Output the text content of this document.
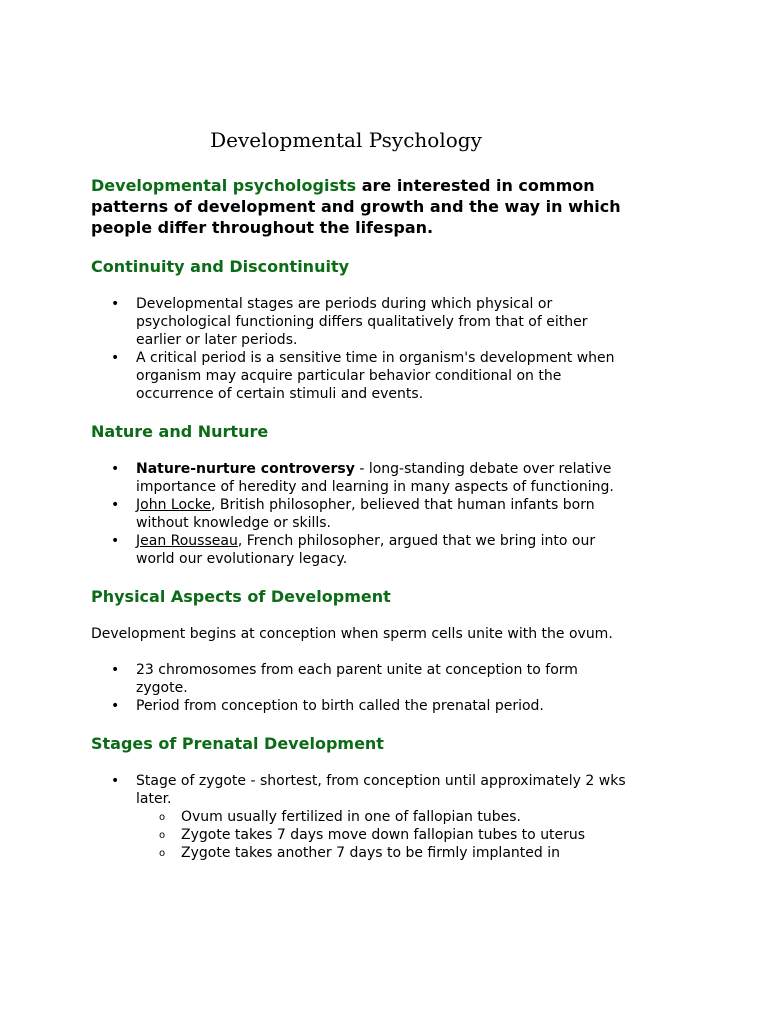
Developmental Psychology

Developmental psychologists are interested in common patterns of development and growth and the way in which people differ throughout the lifespan.

Continuity and Discontinuity
• Developmental stages are periods during which physical or psychological functioning differs qualitatively from that of either earlier or later periods.
• A critical period is a sensitive time in organism's development when organism may acquire particular behavior conditional on the occurrence of certain stimuli and events.
Nature and Nurture
• Nature-nurture controversy - long-standing debate over relative importance of heredity and learning in many aspects of functioning.
• John Locke, British philosopher, believed that human infants born without knowledge or skills.
• Jean Rousseau, French philosopher, argued that we bring into our world our evolutionary legacy.
Physical Aspects of Development

Development begins at conception when sperm cells unite with the ovum.

• 23 chromosomes from each parent unite at conception to form zygote.
• Period from conception to birth called the prenatal period.
Stages of Prenatal Development
• Stage of zygote - shortest, from conception until approximately 2 wks later.
o Ovum usually fertilized in one of fallopian tubes.
o Zygote takes 7 days move down fallopian tubes to uterus
o Zygote takes another 7 days to be firmly implanted in
